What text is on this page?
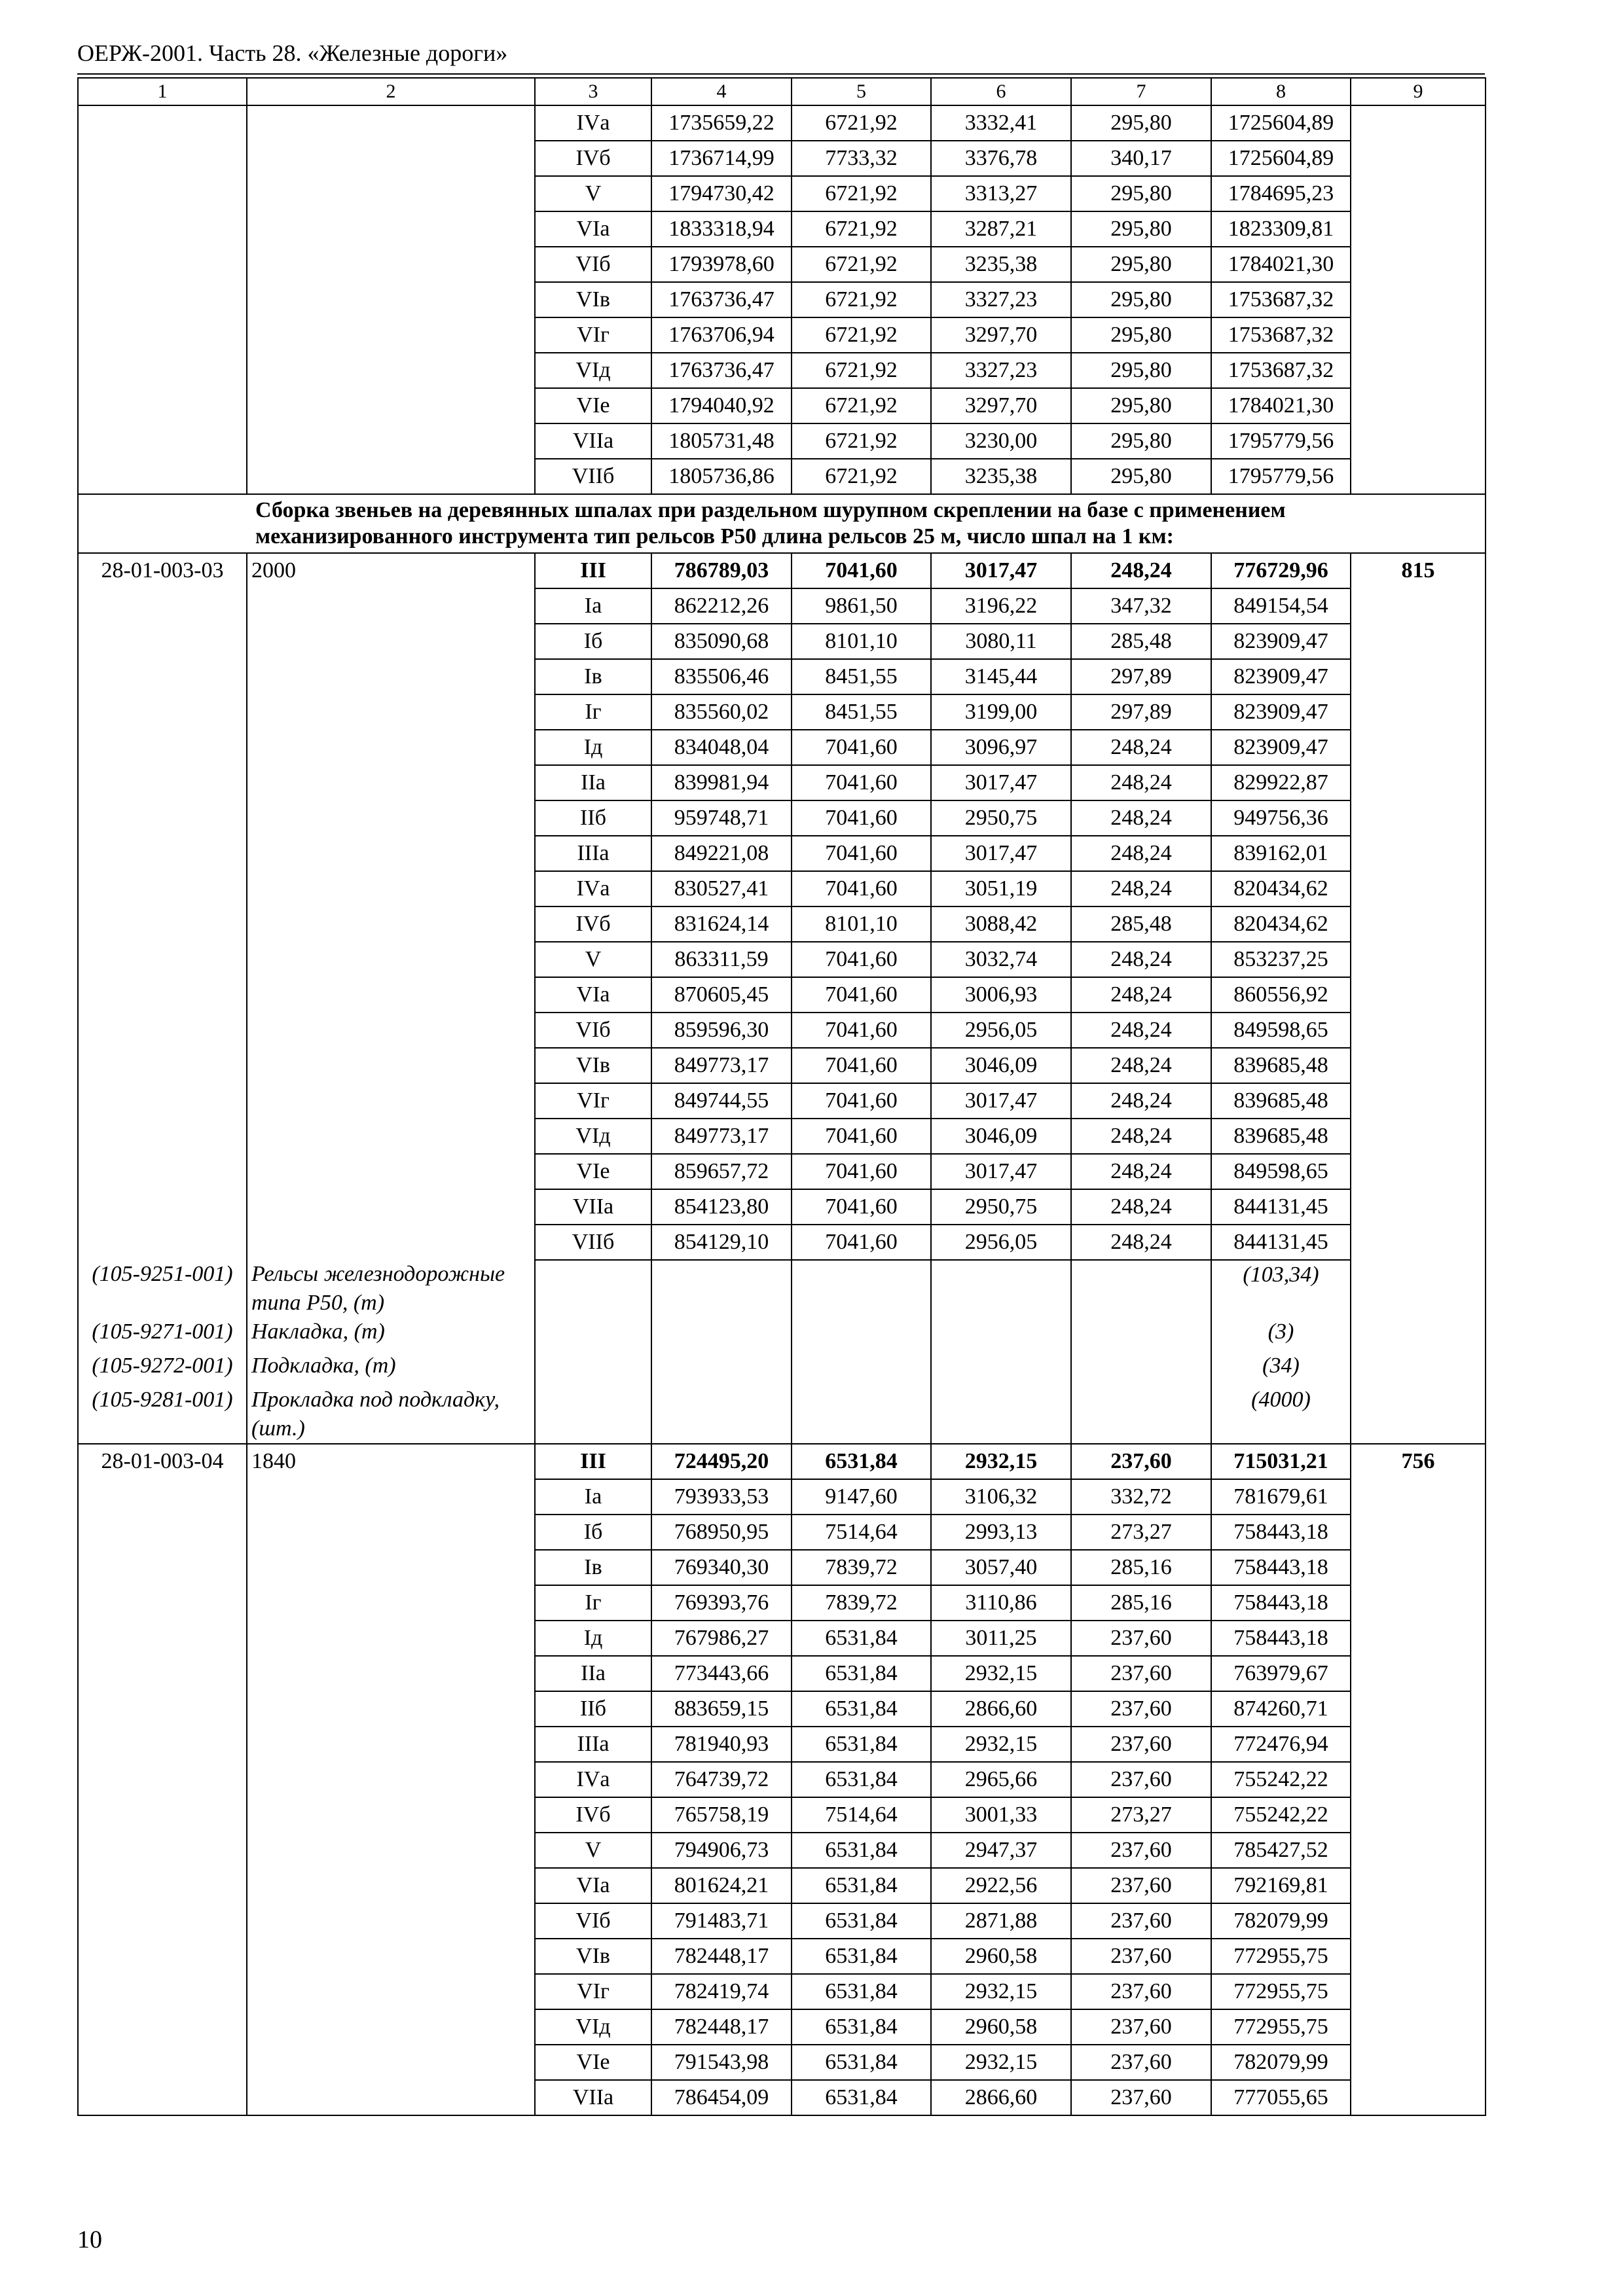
ОЕРЖ-2001. Часть 28. «Железные дороги»
1	2	3	4	5	6	7	8	9
		IVа	1735659,22	6721,92	3332,41	295,80	1725604,89	
		IVб	1736714,99	7733,32	3376,78	340,17	1725604,89	
		V	1794730,42	6721,92	3313,27	295,80	1784695,23	
		VIа	1833318,94	6721,92	3287,21	295,80	1823309,81	
		VIб	1793978,60	6721,92	3235,38	295,80	1784021,30	
		VIв	1763736,47	6721,92	3327,23	295,80	1753687,32	
		VIг	1763706,94	6721,92	3297,70	295,80	1753687,32	
		VIд	1763736,47	6721,92	3327,23	295,80	1753687,32	
		VIе	1794040,92	6721,92	3297,70	295,80	1784021,30	
		VIIа	1805731,48	6721,92	3230,00	295,80	1795779,56	
		VIIб	1805736,86	6721,92	3235,38	295,80	1795779,56	
Сборка звеньев на деревянных шпалах при раздельном шурупном скреплении на базе с применением механизированного инструмента тип рельсов Р50 длина рельсов 25 м, число шпал на 1 км:								
28-01-003-03	2000	III	786789,03	7041,60	3017,47	248,24	776729,96	815
		Iа	862212,26	9861,50	3196,22	347,32	849154,54	
		Iб	835090,68	8101,10	3080,11	285,48	823909,47	
		Iв	835506,46	8451,55	3145,44	297,89	823909,47	
		Iг	835560,02	8451,55	3199,00	297,89	823909,47	
		Iд	834048,04	7041,60	3096,97	248,24	823909,47	
		IIа	839981,94	7041,60	3017,47	248,24	829922,87	
		IIб	959748,71	7041,60	2950,75	248,24	949756,36	
		IIIа	849221,08	7041,60	3017,47	248,24	839162,01	
		IVа	830527,41	7041,60	3051,19	248,24	820434,62	
		IVб	831624,14	8101,10	3088,42	285,48	820434,62	
		V	863311,59	7041,60	3032,74	248,24	853237,25	
		VIа	870605,45	7041,60	3006,93	248,24	860556,92	
		VIб	859596,30	7041,60	2956,05	248,24	849598,65	
		VIв	849773,17	7041,60	3046,09	248,24	839685,48	
		VIг	849744,55	7041,60	3017,47	248,24	839685,48	
		VIд	849773,17	7041,60	3046,09	248,24	839685,48	
		VIе	859657,72	7041,60	3017,47	248,24	849598,65	
		VIIа	854123,80	7041,60	2950,75	248,24	844131,45	
		VIIб	854129,10	7041,60	2956,05	248,24	844131,45	
(105-9251-001)	Рельсы железнодорожные типа Р50, (т)						(103,34)	
(105-9271-001)	Накладка, (т)						(3)	
(105-9272-001)	Подкладка, (т)						(34)	
(105-9281-001)	Прокладка под подкладку, (шт.)						(4000)	
28-01-003-04	1840	III	724495,20	6531,84	2932,15	237,60	715031,21	756
		Iа	793933,53	9147,60	3106,32	332,72	781679,61	
		Iб	768950,95	7514,64	2993,13	273,27	758443,18	
		Iв	769340,30	7839,72	3057,40	285,16	758443,18	
		Iг	769393,76	7839,72	3110,86	285,16	758443,18	
		Iд	767986,27	6531,84	3011,25	237,60	758443,18	
		IIа	773443,66	6531,84	2932,15	237,60	763979,67	
		IIб	883659,15	6531,84	2866,60	237,60	874260,71	
		IIIа	781940,93	6531,84	2932,15	237,60	772476,94	
		IVа	764739,72	6531,84	2965,66	237,60	755242,22	
		IVб	765758,19	7514,64	3001,33	273,27	755242,22	
		V	794906,73	6531,84	2947,37	237,60	785427,52	
		VIа	801624,21	6531,84	2922,56	237,60	792169,81	
		VIб	791483,71	6531,84	2871,88	237,60	782079,99	
		VIв	782448,17	6531,84	2960,58	237,60	772955,75	
		VIг	782419,74	6531,84	2932,15	237,60	772955,75	
		VIд	782448,17	6531,84	2960,58	237,60	772955,75	
		VIе	791543,98	6531,84	2932,15	237,60	782079,99	
		VIIа	786454,09	6531,84	2866,60	237,60	777055,65	
10
